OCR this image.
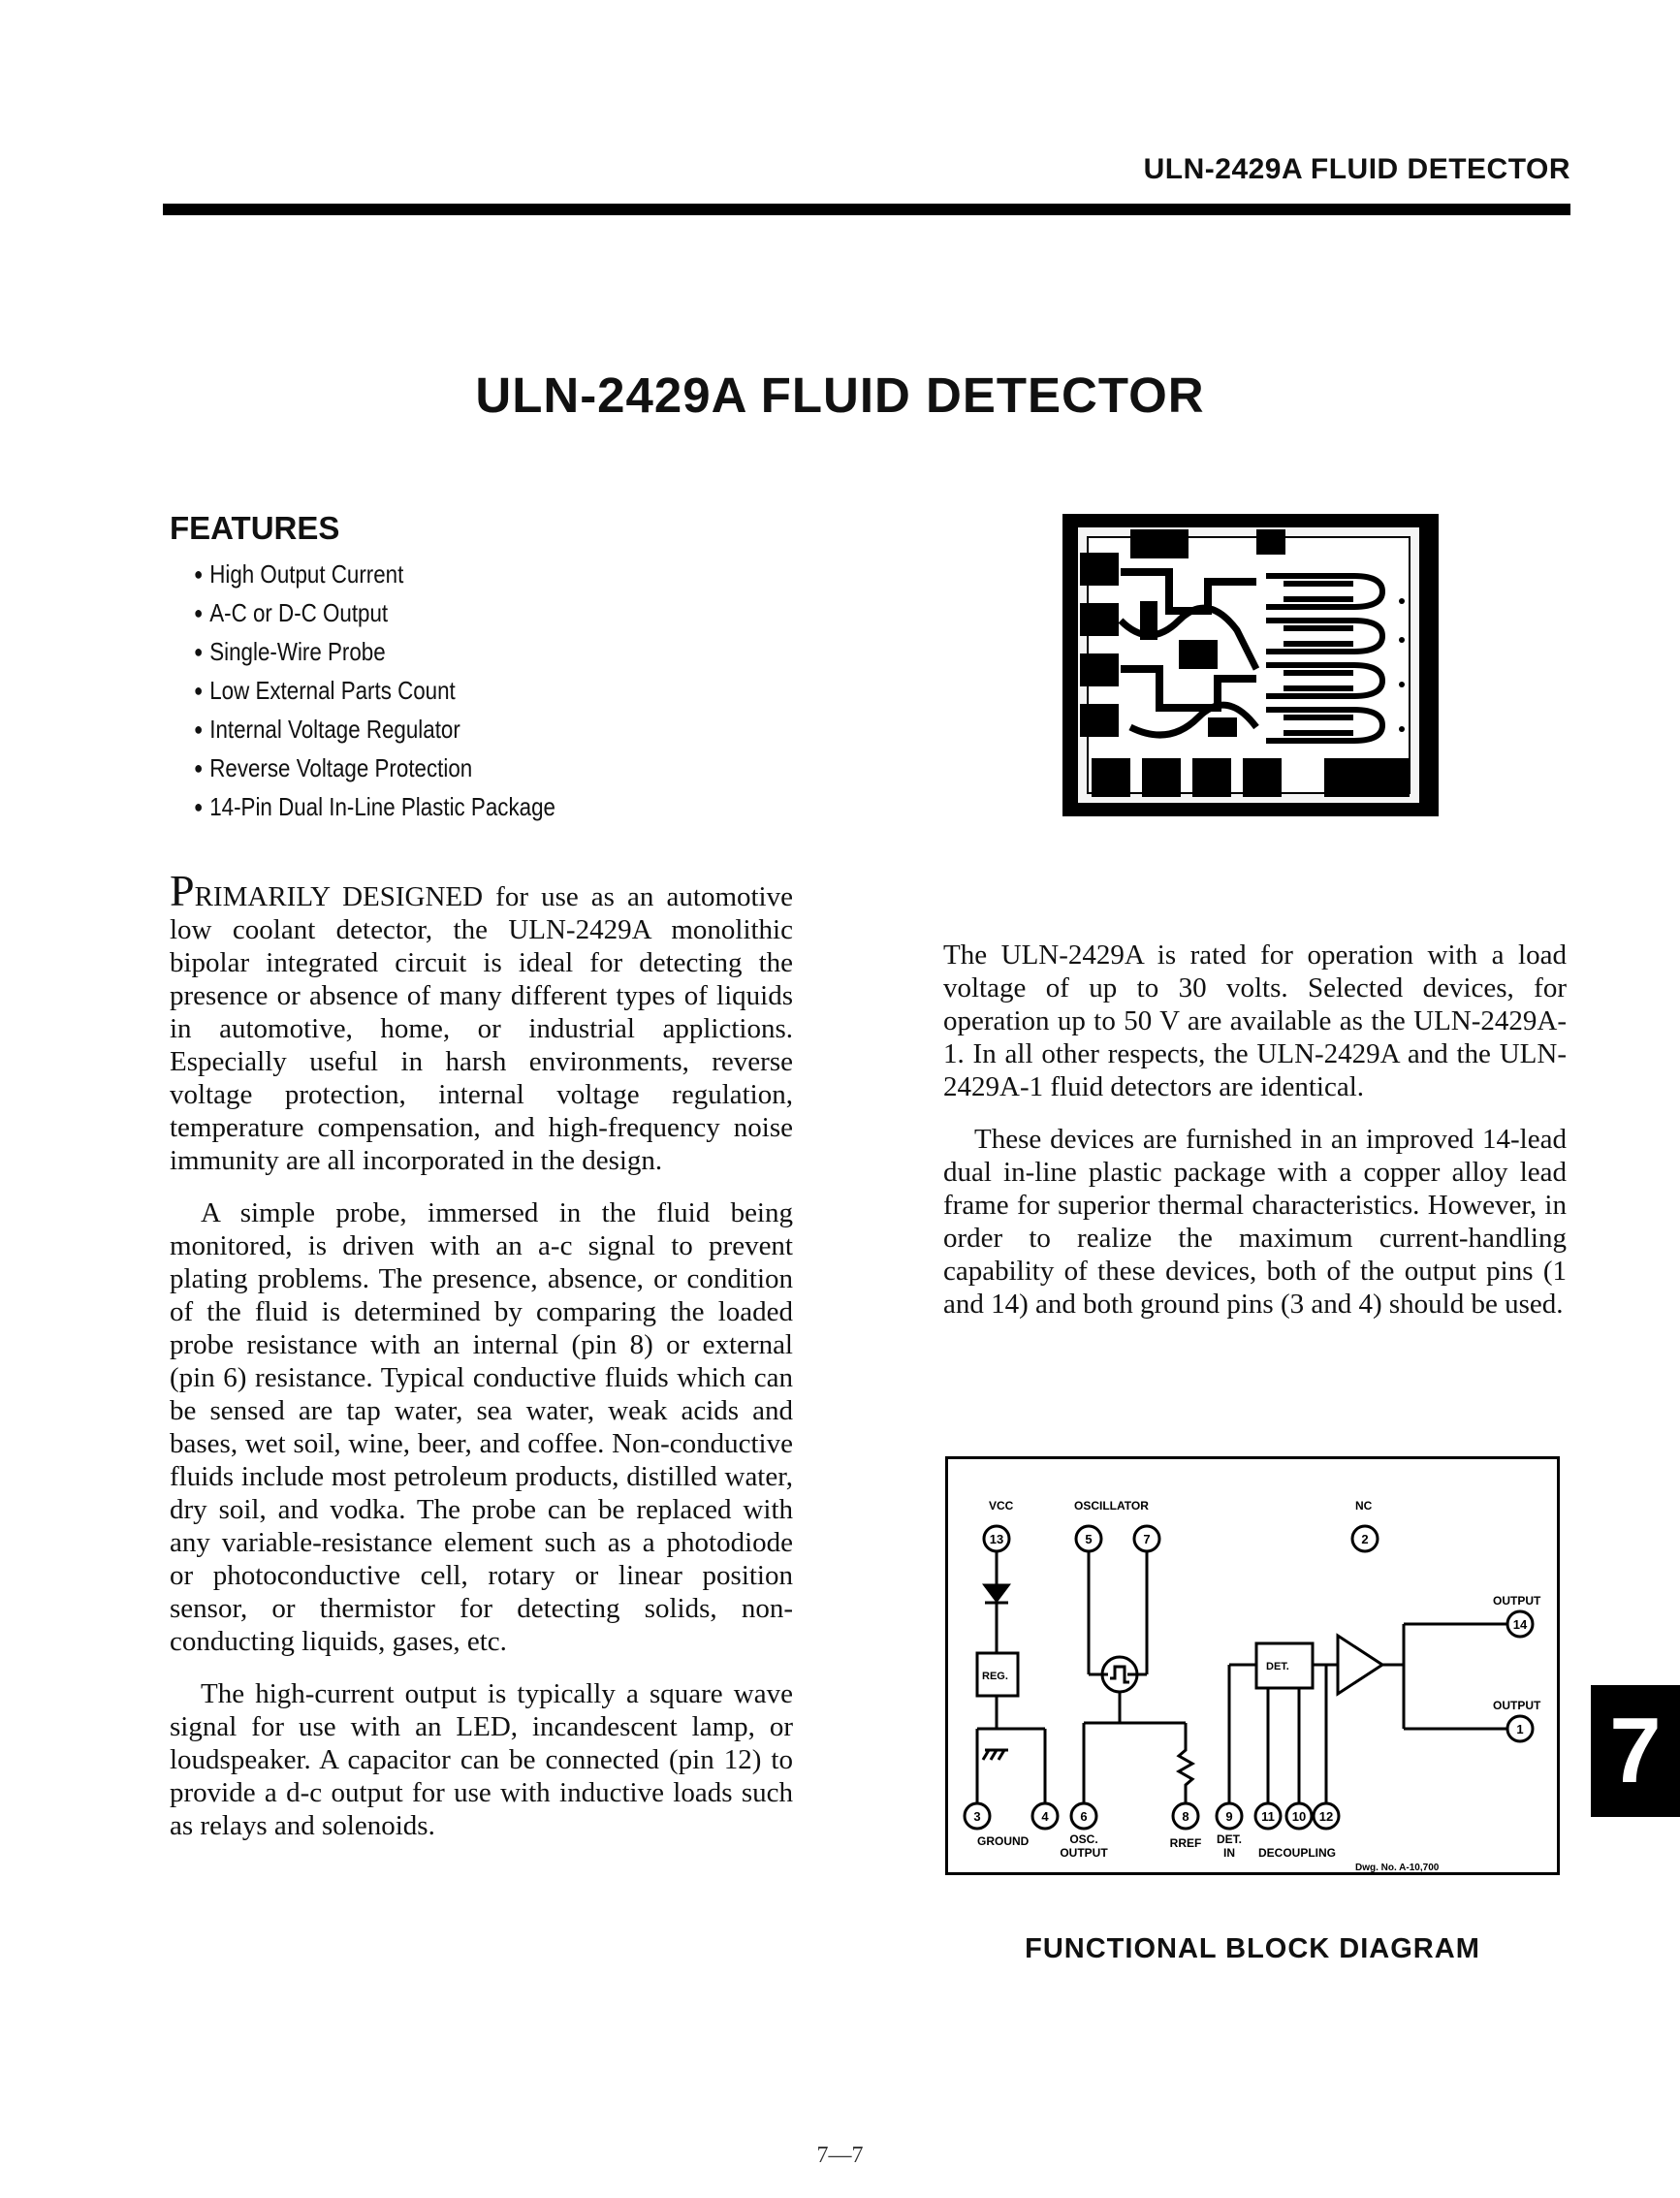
ULN-2429A FLUID DETECTOR
ULN-2429A FLUID DETECTOR
FEATURES
● High Output Current
● A-C or D-C Output
● Single-Wire Probe
● Low External Parts Count
● Internal Voltage Regulator
● Reverse Voltage Protection
● 14-Pin Dual In-Line Plastic Package

PRIMARILY DESIGNED for use as an automotive low coolant detector, the ULN-2429A monolithic bipolar integrated circuit is ideal for detecting the presence or absence of many different types of liquids in automotive, home, or industrial applictions. Especially useful in harsh environments, reverse voltage protection, internal voltage regulation, temperature compensation, and high-frequency noise immunity are all incorporated in the design.

A simple probe, immersed in the fluid being monitored, is driven with an a-c signal to prevent plating problems. The presence, absence, or condition of the fluid is determined by comparing the loaded probe resistance with an internal (pin 8) or external (pin 6) resistance. Typical conductive fluids which can be sensed are tap water, sea water, weak acids and bases, wet soil, wine, beer, and coffee. Non-conductive fluids include most petroleum products, distilled water, dry soil, and vodka. The probe can be replaced with any variable-resistance element such as a photodiode or photoconductive cell, rotary or linear position sensor, or thermistor for detecting solids, non-conducting liquids, gases, etc.

The high-current output is typically a square wave signal for use with an LED, incandescent lamp, or loudspeaker. A capacitor can be connected (pin 12) to provide a d-c output for use with inductive loads such as relays and solenoids.

The ULN-2429A is rated for operation with a load voltage of up to 30 volts. Selected devices, for operation up to 50 V are available as the ULN-2429A-1. In all other respects, the ULN-2429A and the ULN-2429A-1 fluid detectors are identical.

These devices are furnished in an improved 14-lead dual in-line plastic package with a copper alloy lead frame for superior thermal characteristics. However, in order to realize the maximum current-handling capability of these devices, both of the output pins (1 and 14) and both ground pins (3 and 4) should be used.

13	5	7	2
14
1
3	4	6	8	9 11 10 12
VCC	OSCILLATOR	NC
OUTPUT
OUTPUT
REG.
DET.
GROUND	OSC.
OUTPUT
RREF DET.
IN DECOUPLING
Dwg. No. A-10,700
FUNCTIONAL BLOCK DIAGRAM
7
7—7
